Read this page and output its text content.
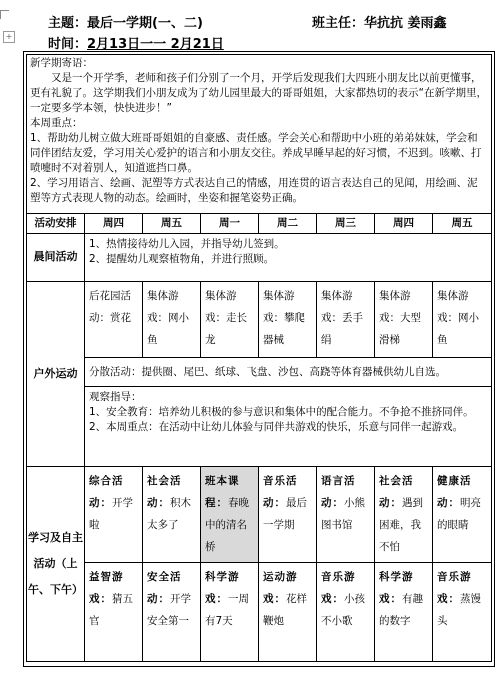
+
主题：最后一学期(一、二)	班主任：华抗抗 姜雨鑫
时间：2月13日一一 2月21日

新学期寄语：

又是一个开学季，老师和孩子们分别了一个月，开学后发现我们大四班小朋友比以前更懂事，更有礼貌了。这学期我们小朋友成为了幼儿园里最大的哥哥姐姐，大家都热切的表示“在新学期里，一定要多学本领，快快进步！”

本周重点：

1、帮助幼儿树立做大班哥哥姐姐的自豪感、责任感。学会关心和帮助中小班的弟弟妹妹，学会和同伴团结友爱，学习用关心爱护的语言和小朋友交往。养成早睡早起的好习惯，不迟到。咳嗽、打喷嚏时不对着别人，知道遮挡口鼻。

2、学习用语言、绘画、泥塑等方式表达自己的情感，用连贯的语言表达自己的见闻，用绘画、泥塑等方式表现人物的动态。绘画时，坐姿和握笔姿势正确。							

活动安排	周四	周五	周一	周二	周三	周四	周五
晨间活动	1、热情接待幼儿入园，并指导幼儿签到。
2、提醒幼儿观察植物角，并进行照顾。						

户外运动	后花园活动：赏花	集体游戏：网小鱼	集体游戏：走长龙	集体游戏：攀爬器械	集体游戏：丢手绢	集体游戏：大型滑梯	集体游戏：网小鱼
	分散活动：提供圈、尾巴、纸球、飞盘、沙包、高跷等体育器械供幼儿自选。						

	观察指导：
1、安全教育：培养幼儿积极的参与意识和集体中的配合能力。不争抢不推挤同伴。
2、本周重点：在活动中让幼儿体验与同伴共游戏的快乐，乐意与同伴一起游戏。						

学习及自主活动（上午、下午）	综合活动：开学啦	社会活动：积木太多了	班本课程：春晚中的清名桥	音乐活动：最后一学期	语言活动：小熊图书馆	社会活动：遇到困难，我不怕	健康活动：明亮的眼睛
	益智游戏：猜五官	安全活动：开学安全第一	科学游戏：一周有7天	运动游戏：花样鞭炮	音乐游戏：小孩不小歌	科学游戏：有趣的数字	音乐游戏：蒸馒头
